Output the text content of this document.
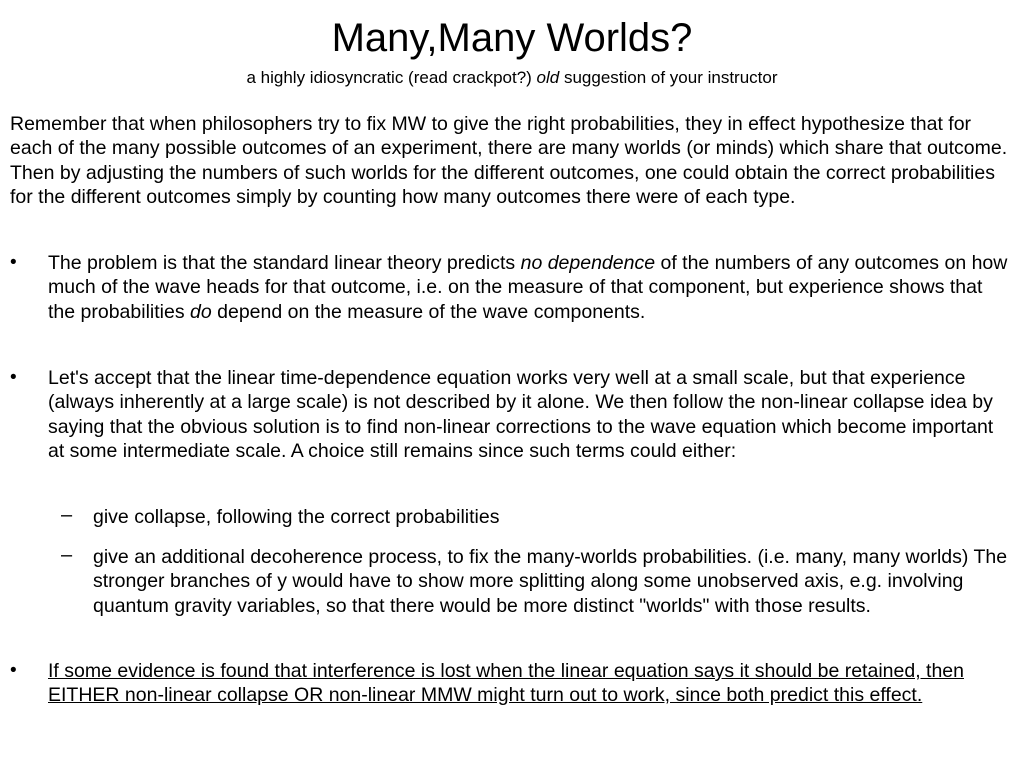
Many,Many Worlds?
a highly idiosyncratic (read crackpot?) old suggestion of your instructor
Remember that when philosophers try to fix MW to give the right probabilities, they in effect hypothesize that for each of the many possible outcomes of an experiment, there are many worlds (or minds) which share that outcome. Then by adjusting the numbers of such worlds for the different outcomes, one could obtain the correct probabilities for the different outcomes simply by counting how many outcomes there were of each type.
• The problem is that the standard linear theory predicts no dependence of the numbers of any outcomes on how much of the wave heads for that outcome, i.e. on the measure of that component, but experience shows that the probabilities do depend on the measure of the wave components.
• Let's accept that the linear time-dependence equation works very well at a small scale, but that experience (always inherently at a large scale) is not described by it alone. We then follow the non-linear collapse idea by saying that the obvious solution is to find non-linear corrections to the wave equation which become important at some intermediate scale. A choice still remains since such terms could either:
– give collapse, following the correct probabilities
– give an additional decoherence process, to fix the many-worlds probabilities. (i.e. many, many worlds) The stronger branches of y would have to show more splitting along some unobserved axis, e.g. involving quantum gravity variables, so that there would be more distinct "worlds" with those results.
• If some evidence is found that interference is lost when the linear equation says it should be retained, then EITHER non-linear collapse OR non-linear MMW might turn out to work, since both predict this effect.
